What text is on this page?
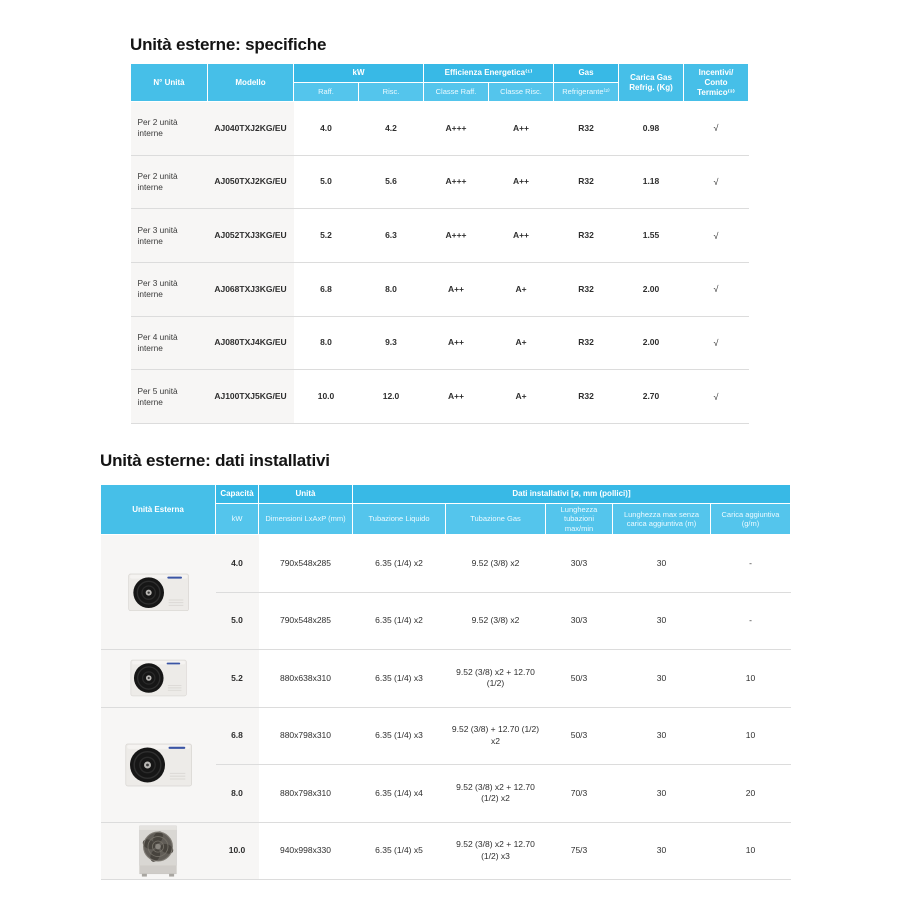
Unità esterne: specifiche
N° Unità	Modello	kW		Efficienza Energetica⁽¹⁾		Gas	Carica Gas Refrig. (Kg)	Incentivi/ Conto Termico⁽³⁾
		Raff.	Risc.	Classe Raff.	Classe Risc.	Refrigerante⁽²⁾		
Per 2 unità interne	AJ040TXJ2KG/EU	4.0	4.2	A+++	A++	R32	0.98	√
Per 2 unità interne	AJ050TXJ2KG/EU	5.0	5.6	A+++	A++	R32	1.18	√
Per 3 unità interne	AJ052TXJ3KG/EU	5.2	6.3	A+++	A++	R32	1.55	√
Per 3 unità interne	AJ068TXJ3KG/EU	6.8	8.0	A++	A+	R32	2.00	√
Per 4 unità interne	AJ080TXJ4KG/EU	8.0	9.3	A++	A+	R32	2.00	√
Per 5 unità interne	AJ100TXJ5KG/EU	10.0	12.0	A++	A+	R32	2.70	√
Unità esterne: dati installativi
Unità Esterna	Capacità	Unità	Dati installativi [ø, mm (pollici)]				
	kW	Dimensioni LxAxP (mm)	Tubazione Liquido	Tubazione Gas	Lunghezza tubazioni max/min	Lunghezza max senza carica aggiuntiva (m)	Carica aggiuntiva (g/m)

	4.0	790x548x285	6.35 (1/4) x2	9.52 (3/8) x2	30/3	30	-
	5.0	790x548x285	6.35 (1/4) x2	9.52 (3/8) x2	30/3	30	-

	5.2	880x638x310	6.35 (1/4) x3	9.52 (3/8) x2 + 12.70 (1/2)	50/3	30	10

	6.8	880x798x310	6.35 (1/4) x3	9.52 (3/8) + 12.70 (1/2) x2	50/3	30	10
	8.0	880x798x310	6.35 (1/4) x4	9.52 (3/8) x2 + 12.70 (1/2) x2	70/3	30	20

	10.0	940x998x330	6.35 (1/4) x5	9.52 (3/8) x2 + 12.70 (1/2) x3	75/3	30	10
